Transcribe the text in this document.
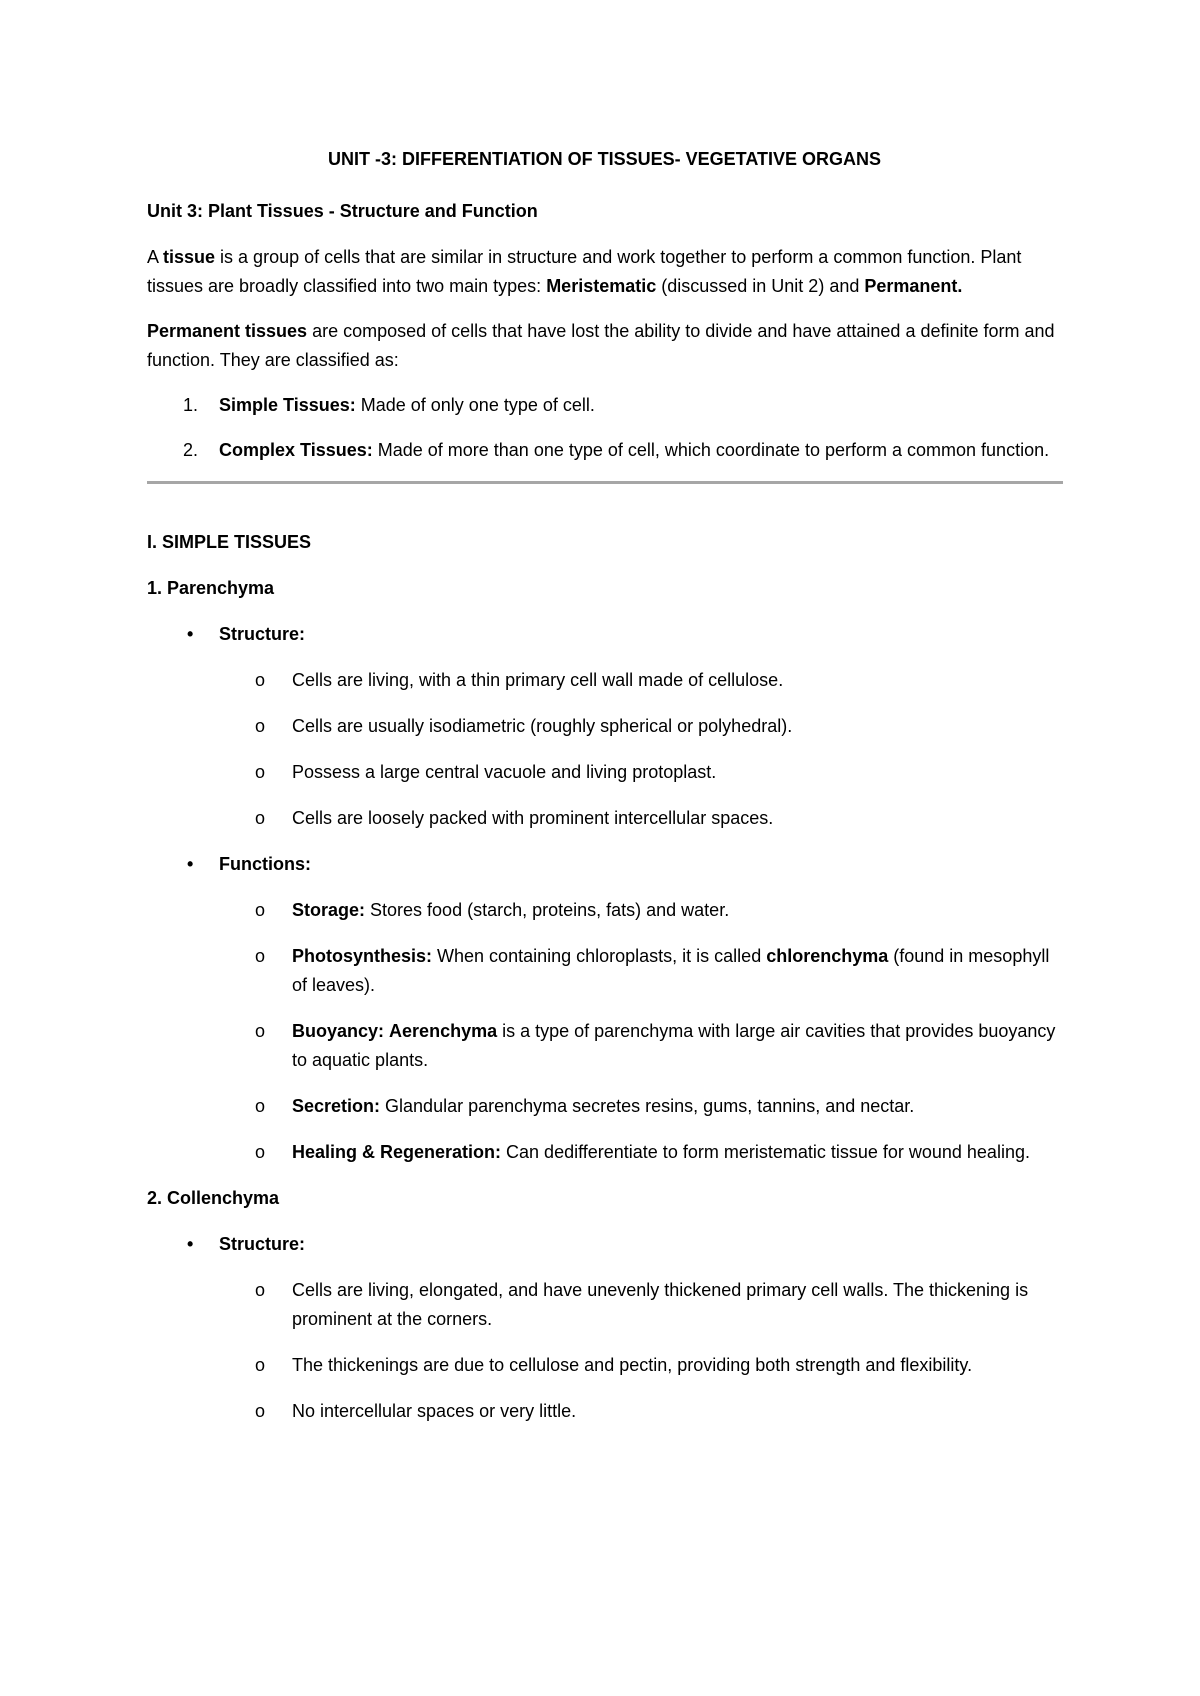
UNIT -3: DIFFERENTIATION OF TISSUES- VEGETATIVE ORGANS
Unit 3: Plant Tissues - Structure and Function

A tissue is a group of cells that are similar in structure and work together to perform a common function. Plant tissues are broadly classified into two main types: Meristematic (discussed in Unit 2) and Permanent.

Permanent tissues are composed of cells that have lost the ability to divide and have attained a definite form and function. They are classified as:

1. Simple Tissues: Made of only one type of cell.
2. Complex Tissues: Made of more than one type of cell, which coordinate to perform a common function.
I. SIMPLE TISSUES
1. Parenchyma
• Structure:
o Cells are living, with a thin primary cell wall made of cellulose.
o Cells are usually isodiametric (roughly spherical or polyhedral).
o Possess a large central vacuole and living protoplast.
o Cells are loosely packed with prominent intercellular spaces.
• Functions:
o Storage: Stores food (starch, proteins, fats) and water.
o Photosynthesis: When containing chloroplasts, it is called chlorenchyma (found in mesophyll of leaves).
o Buoyancy: Aerenchyma is a type of parenchyma with large air cavities that provides buoyancy to aquatic plants.
o Secretion: Glandular parenchyma secretes resins, gums, tannins, and nectar.
o Healing & Regeneration: Can dedifferentiate to form meristematic tissue for wound healing.
2. Collenchyma
• Structure:
o Cells are living, elongated, and have unevenly thickened primary cell walls. The thickening is prominent at the corners.
o The thickenings are due to cellulose and pectin, providing both strength and flexibility.
o No intercellular spaces or very little.
